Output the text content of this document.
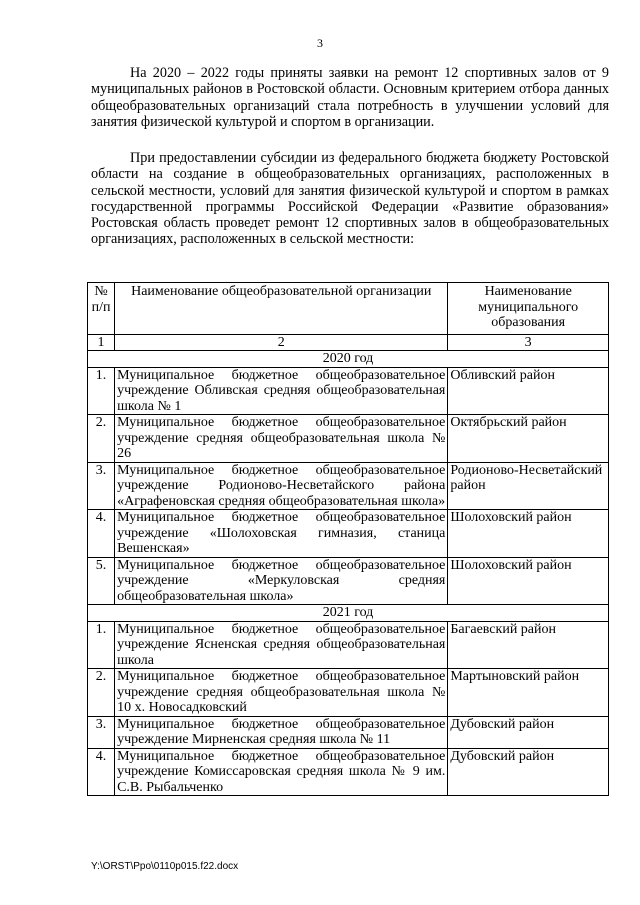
3

На 2020 – 2022 годы приняты заявки на ремонт 12 спортивных залов от 9 муниципальных районов в Ростовской области. Основным критерием отбора данных общеобразовательных организаций стала потребность в улучшении условий для занятия физической культурой и спортом в организации.

При предоставлении субсидии из федерального бюджета бюджету Ростовской области на создание в общеобразовательных организациях, расположенных в сельской местности, условий для занятия физической культурой и спортом в рамках государственной программы Российской Федерации «Развитие образования» Ростовская область проведет ремонт 12 спортивных залов в общеобразовательных организациях, расположенных в сельской местности:

№ п/п	Наименование общеобразовательной организации	Наименование муниципального образования
1	2	3
2020 год		
1.	Муниципальное бюджетное общеобразовательное учреждение Обливская средняя общеобразовательная школа № 1	Обливский район
2.	Муниципальное бюджетное общеобразовательное учреждение средняя общеобразовательная школа № 26	Октябрьский район
3.	Муниципальное бюджетное общеобразовательное учреждение Родионово-Несветайского района «Аграфеновская средняя общеобразовательная школа»	Родионово-Несветайский район
4.	Муниципальное бюджетное общеобразовательное учреждение «Шолоховская гимназия, станица Вешенская»	Шолоховский район
5.	Муниципальное бюджетное общеобразовательное учреждение «Меркуловская средняя общеобразовательная школа»	Шолоховский район
2021 год		
1.	Муниципальное бюджетное общеобразовательное учреждение Ясненская средняя общеобразовательная школа	Багаевский район
2.	Муниципальное бюджетное общеобразовательное учреждение средняя общеобразовательная школа № 10 х. Новосадковский	Мартыновский район
3.	Муниципальное бюджетное общеобразовательное учреждение Мирненская средняя школа № 11	Дубовский район
4.	Муниципальное бюджетное общеобразовательное учреждение Комиссаровская средняя школа № 9 им. С.В. Рыбальченко	Дубовский район
Y:\ORST\Ppo\0110p015.f22.docx
